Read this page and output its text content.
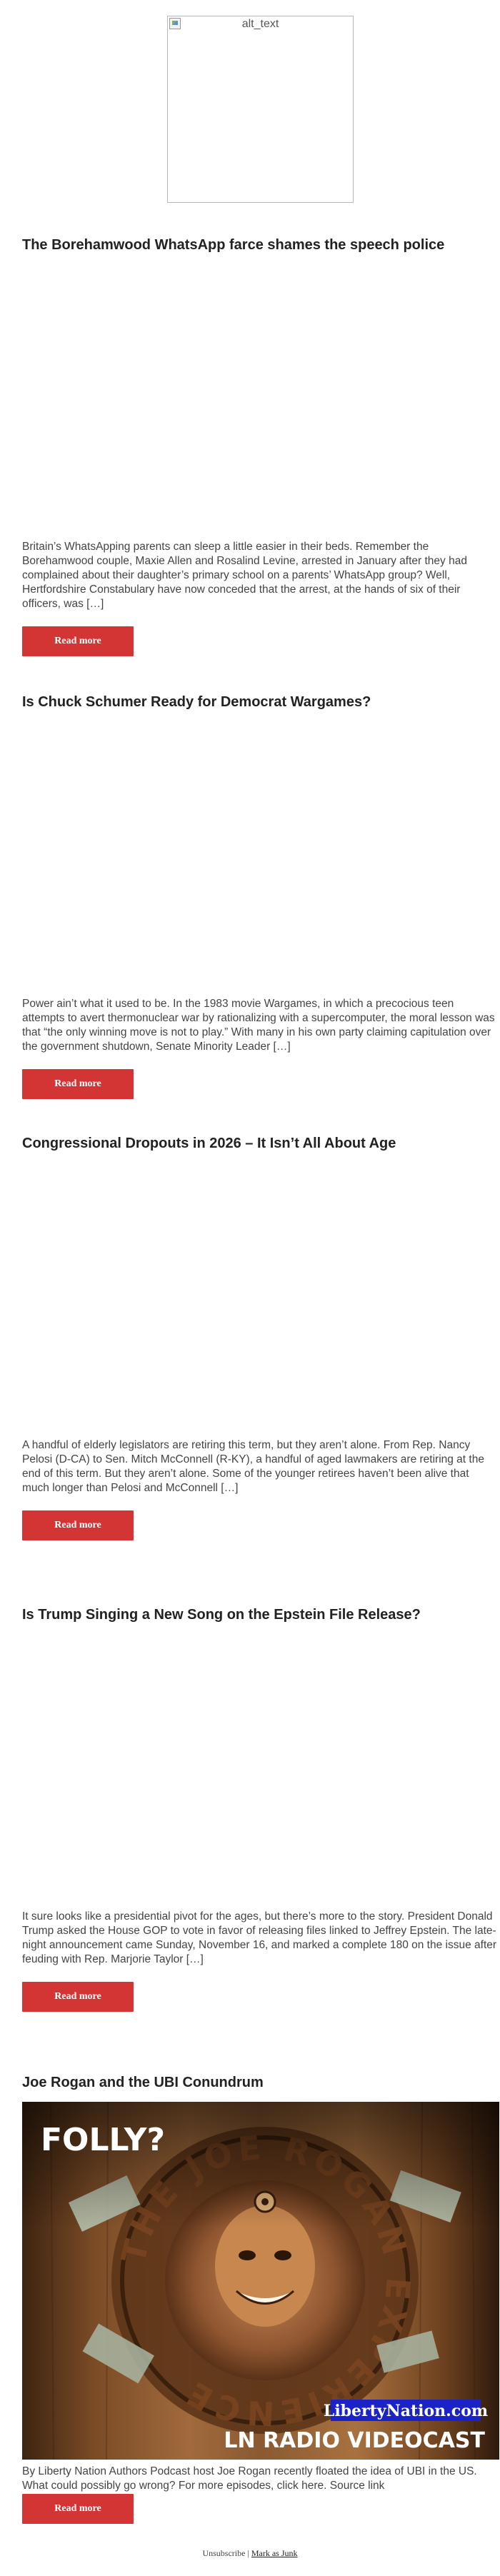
alt_text
The Borehamwood WhatsApp farce shames the speech police

Britain’s WhatsApping parents can sleep a little easier in their beds. Remember the Borehamwood couple, Maxie Allen and Rosalind Levine, arrested in January after they had complained about their daughter’s primary school on a parents’ WhatsApp group? Well, Hertfordshire Constabulary have now conceded that the arrest, at the hands of six of their officers, was […]

Read more
Is Chuck Schumer Ready for Democrat Wargames?

Power ain’t what it used to be. In the 1983 movie Wargames, in which a precocious teen attempts to avert thermonuclear war by rationalizing with a supercomputer, the moral lesson was that “the only winning move is not to play.” With many in his own party claiming capitulation over the government shutdown, Senate Minority Leader […]

Read more
Congressional Dropouts in 2026 – It Isn’t All About Age

A handful of elderly legislators are retiring this term, but they aren’t alone. From Rep. Nancy Pelosi (D-CA) to Sen. Mitch McConnell (R-KY), a handful of aged lawmakers are retiring at the end of this term. But they aren’t alone. Some of the younger retirees haven’t been alive that much longer than Pelosi and McConnell […]

Read more
Is Trump Singing a New Song on the Epstein File Release?

It sure looks like a presidential pivot for the ages, but there’s more to the story. President Donald Trump asked the House GOP to vote in favor of releasing files linked to Jeffrey Epstein. The late-night announcement came Sunday, November 16, and marked a complete 180 on the issue after feuding with Rep. Marjorie Taylor […]

Read more
Joe Rogan and the UBI Conundrum
FOLLY?
LibertyNation.com
LN RADIO VIDEOCAST

By Liberty Nation Authors Podcast host Joe Rogan recently floated the idea of UBI in the US. What could possibly go wrong? For more episodes, click here. Source link

Read more
Unsubscribe | Mark as Junk
